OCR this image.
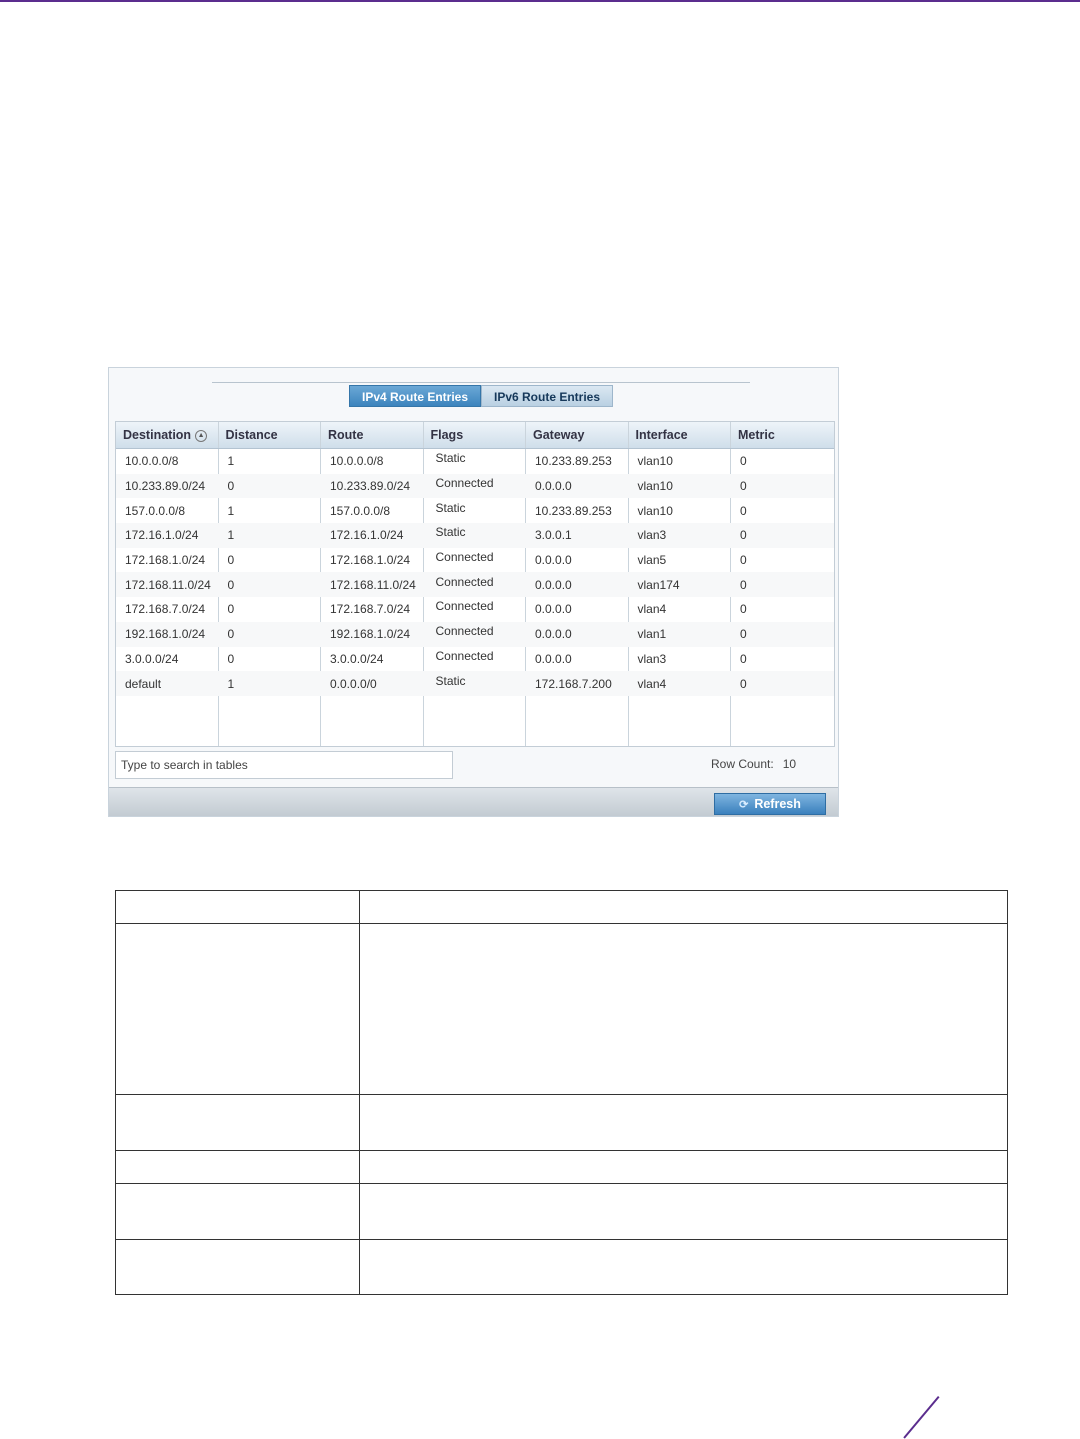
IPv4 Route Entries	IPv6 Route Entries
Destination ▲	Distance	Route	Flags	Gateway	Interface	Metric
10.0.0.0/8	1	10.0.0.0/8	Static	10.233.89.253	vlan10	0
10.233.89.0/24	0	10.233.89.0/24	Connected	0.0.0.0	vlan10	0
157.0.0.0/8	1	157.0.0.0/8	Static	10.233.89.253	vlan10	0
172.16.1.0/24	1	172.16.1.0/24	Static	3.0.0.1	vlan3	0
172.168.1.0/24	0	172.168.1.0/24	Connected	0.0.0.0	vlan5	0
172.168.11.0/24	0	172.168.11.0/24	Connected	0.0.0.0	vlan174	0
172.168.7.0/24	0	172.168.7.0/24	Connected	0.0.0.0	vlan4	0
192.168.1.0/24	0	192.168.1.0/24	Connected	0.0.0.0	vlan1	0
3.0.0.0/24	0	3.0.0.0/24	Connected	0.0.0.0	vlan3	0
default	1	0.0.0.0/0	Static	172.168.7.200	vlan4	0
Type to search in tables	Row Count: 10
⟳ Refresh
